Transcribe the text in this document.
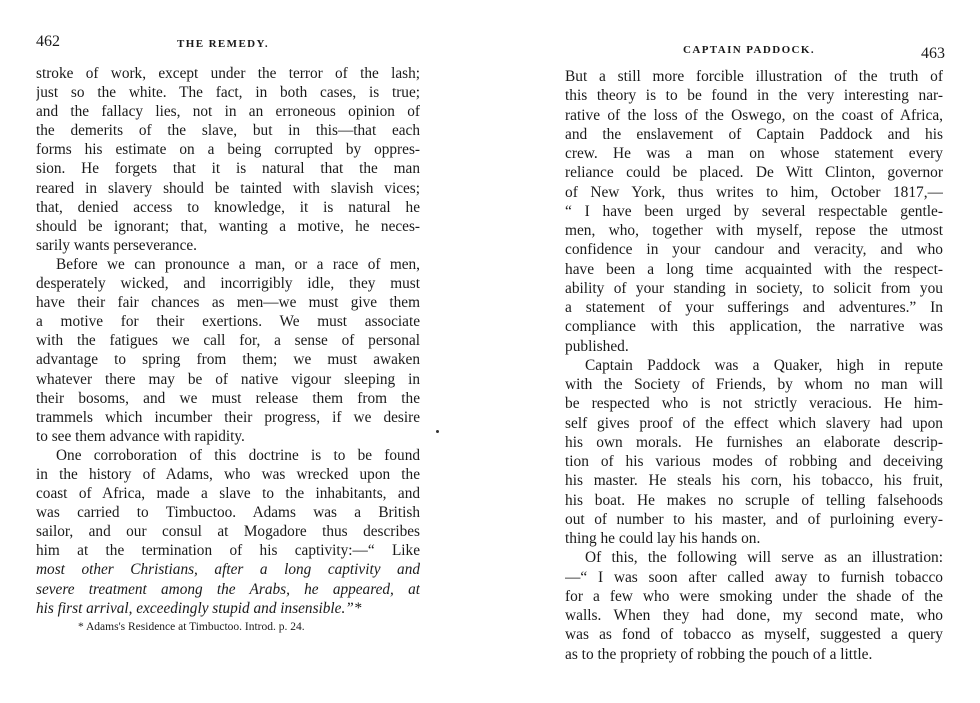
462	THE REMEDY.
stroke of work, except under the terror of the lash;
just so the white. The fact, in both cases, is true;
and the fallacy lies, not in an erroneous opinion of
the demerits of the slave, but in this—that each
forms his estimate on a being corrupted by oppres-
sion. He forgets that it is natural that the man
reared in slavery should be tainted with slavish vices;
that, denied access to knowledge, it is natural he
should be ignorant; that, wanting a motive, he neces-
sarily wants perseverance.
Before we can pronounce a man, or a race of men,
desperately wicked, and incorrigibly idle, they must
have their fair chances as men—we must give them
a motive for their exertions. We must associate
with the fatigues we call for, a sense of personal
advantage to spring from them; we must awaken
whatever there may be of native vigour sleeping in
their bosoms, and we must release them from the
trammels which incumber their progress, if we desire
to see them advance with rapidity.
One corroboration of this doctrine is to be found
in the history of Adams, who was wrecked upon the
coast of Africa, made a slave to the inhabitants, and
was carried to Timbuctoo. Adams was a British
sailor, and our consul at Mogadore thus describes
him at the termination of his captivity:—“ Like
most other Christians, after a long captivity and
severe treatment among the Arabs, he appeared, at
his first arrival, exceedingly stupid and insensible.”*
* Adams's Residence at Timbuctoo. Introd. p. 24.
CAPTAIN PADDOCK.	463
But a still more forcible illustration of the truth of
this theory is to be found in the very interesting nar-
rative of the loss of the Oswego, on the coast of Africa,
and the enslavement of Captain Paddock and his
crew. He was a man on whose statement every
reliance could be placed. De Witt Clinton, governor
of New York, thus writes to him, October 1817,—
“ I have been urged by several respectable gentle-
men, who, together with myself, repose the utmost
confidence in your candour and veracity, and who
have been a long time acquainted with the respect-
ability of your standing in society, to solicit from you
a statement of your sufferings and adventures.” In
compliance with this application, the narrative was
published.
Captain Paddock was a Quaker, high in repute
with the Society of Friends, by whom no man will
be respected who is not strictly veracious. He him-
self gives proof of the effect which slavery had upon
his own morals. He furnishes an elaborate descrip-
tion of his various modes of robbing and deceiving
his master. He steals his corn, his tobacco, his fruit,
his boat. He makes no scruple of telling falsehoods
out of number to his master, and of purloining every-
thing he could lay his hands on.
Of this, the following will serve as an illustration:
—“ I was soon after called away to furnish tobacco
for a few who were smoking under the shade of the
walls. When they had done, my second mate, who
was as fond of tobacco as myself, suggested a query
as to the propriety of robbing the pouch of a little.
